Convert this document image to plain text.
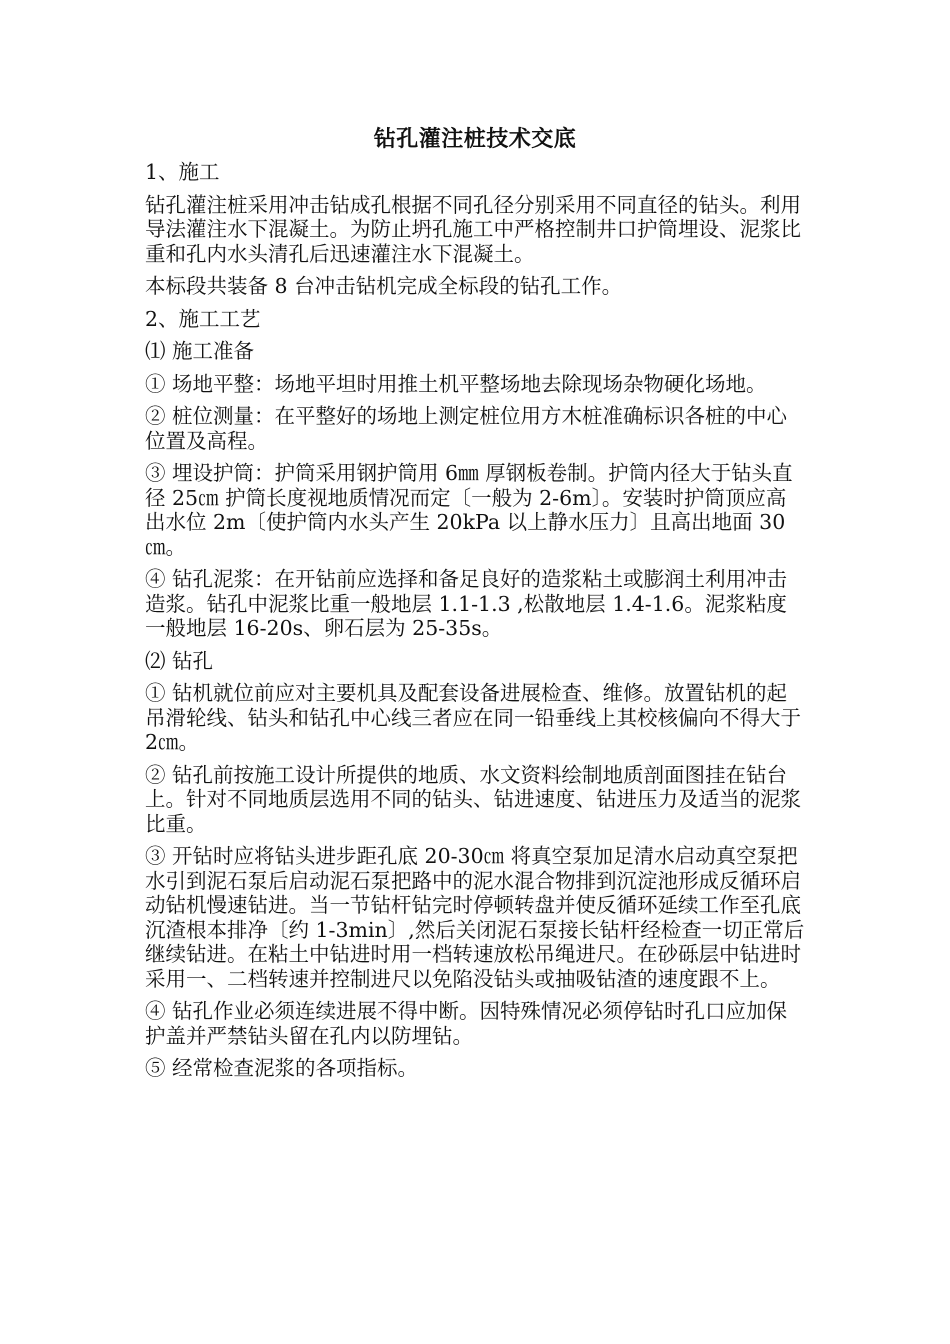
钻孔灌注桩技术交底

1、施工

钻孔灌注桩采用冲击钻成孔根据不同孔径分别采用不同直径的钻头。利用导法灌注水下混凝土。为防止坍孔施工中严格控制井口护筒埋设、泥浆比重和孔内水头清孔后迅速灌注水下混凝土。

本标段共装备 8 台冲击钻机完成全标段的钻孔工作。

2、施工工艺

⑴ 施工准备

① 场地平整：场地平坦时用推土机平整场地去除现场杂物硬化场地。

② 桩位测量：在平整好的场地上测定桩位用方木桩准确标识各桩的中心位置及高程。

③ 埋设护筒：护筒采用钢护筒用 6㎜ 厚钢板卷制。护筒内径大于钻头直径 25㎝ 护筒长度视地质情况而定〔一般为 2-6m〕。安装时护筒顶应高出水位 2m〔使护筒内水头产生 20kPa 以上静水压力〕且高出地面 30㎝。

④ 钻孔泥浆：在开钻前应选择和备足良好的造浆粘土或膨润土利用冲击造浆。钻孔中泥浆比重一般地层 1.1-1.3 ,松散地层 1.4-1.6。泥浆粘度一般地层 16-20s、卵石层为 25-35s。

⑵ 钻孔

① 钻机就位前应对主要机具及配套设备进展检查、维修。放置钻机的起吊滑轮线、钻头和钻孔中心线三者应在同一铅垂线上其校核偏向不得大于 2㎝。

② 钻孔前按施工设计所提供的地质、水文资料绘制地质剖面图挂在钻台上。针对不同地质层选用不同的钻头、钻进速度、钻进压力及适当的泥浆比重。

③ 开钻时应将钻头进步距孔底 20-30㎝ 将真空泵加足清水启动真空泵把水引到泥石泵后启动泥石泵把路中的泥水混合物排到沉淀池形成反循环启动钻机慢速钻进。当一节钻杆钻完时停顿转盘并使反循环延续工作至孔底沉渣根本排净〔约 1-3min〕,然后关闭泥石泵接长钻杆经检查一切正常后继续钻进。在粘土中钻进时用一档转速放松吊绳进尺。在砂砾层中钻进时采用一、二档转速并控制进尺以免陷没钻头或抽吸钻渣的速度跟不上。

④ 钻孔作业必须连续进展不得中断。因特殊情况必须停钻时孔口应加保护盖并严禁钻头留在孔内以防埋钻。

⑤ 经常检查泥浆的各项指标。
